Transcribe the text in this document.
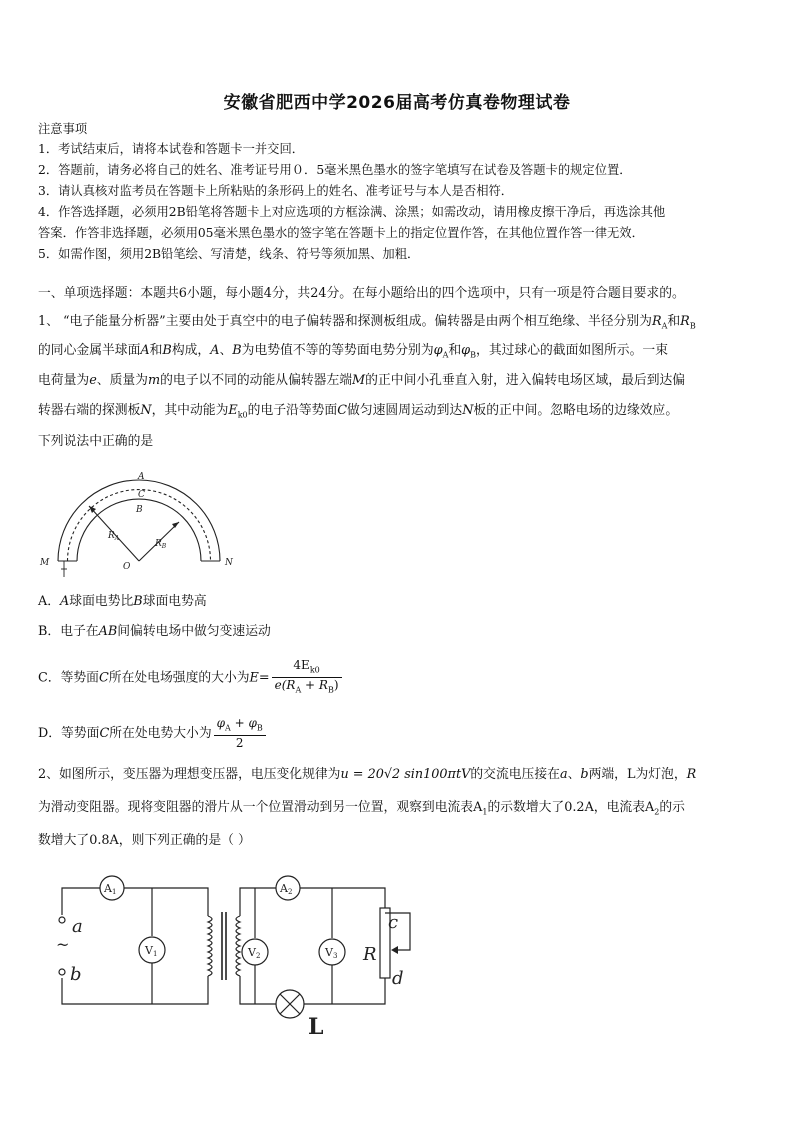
安徽省肥西中学2026届高考仿真卷物理试卷
注意事项
1．考试结束后，请将本试卷和答题卡一并交回．
2．答题前，请务必将自己的姓名、准考证号用０．5毫米黑色墨水的签字笔填写在试卷及答题卡的规定位置．
3．请认真核对监考员在答题卡上所粘贴的条形码上的姓名、准考证号与本人是否相符．
4．作答选择题，必须用2B铅笔将答题卡上对应选项的方框涂满、涂黑；如需改动，请用橡皮擦干净后，再选涂其他
答案．作答非选择题，必须用05毫米黑色墨水的签字笔在答题卡上的指定位置作答，在其他位置作答一律无效．
5．如需作图，须用2B铅笔绘、写清楚，线条、符号等须加黑、加粗．
一、单项选择题：本题共6小题，每小题4分，共24分。在每小题给出的四个选项中，只有一项是符合题目要求的。
1、 “电子能量分析器”主要由处于真空中的电子偏转器和探测板组成。偏转器是由两个相互绝缘、半径分别为$R_A$和$R_B$
的同心金属半球面A和B构成，A、B为电势值不等的等势面电势分别为$\varphi_A$和$\varphi_B$，其过球心的截面如图所示。一束
电荷量为e、质量为m的电子以不同的动能从偏转器左端M的正中间小孔垂直入射，进入偏转电场区域，最后到达偏
转器右端的探测板N，其中动能为$E_{k0}$的电子沿等势面C做匀速圆周运动到达N板的正中间。忽略电场的边缘效应。
下列说法中正确的是
A
C
B
M	N
O
$R_A$
$R_B$
A．A球面电势比B球面电势高
B．电子在AB间偏转电场中做匀变速运动
C．等势面C所在处电场强度的大小为$E= \frac{4E_{k0}}{e(R_A + R_B)}$
D．等势面C所在处电势大小为 $\frac{\varphi_A + \varphi_B}{2}$
2、如图所示，变压器为理想变压器，电压变化规律为u = 20√2 sin100πtV的交流电压接在a、b两端，L为灯泡，R
为滑动变阻器。现将变阻器的滑片从一个位置滑动到另一位置，观察到电流表$A_1$的示数增大了0.2A，电流表$A_2$的示
数增大了0.8A，则下列正确的是（ ）
A1	A2
V1	V2	V3
a
b
~
c
d
R
L
